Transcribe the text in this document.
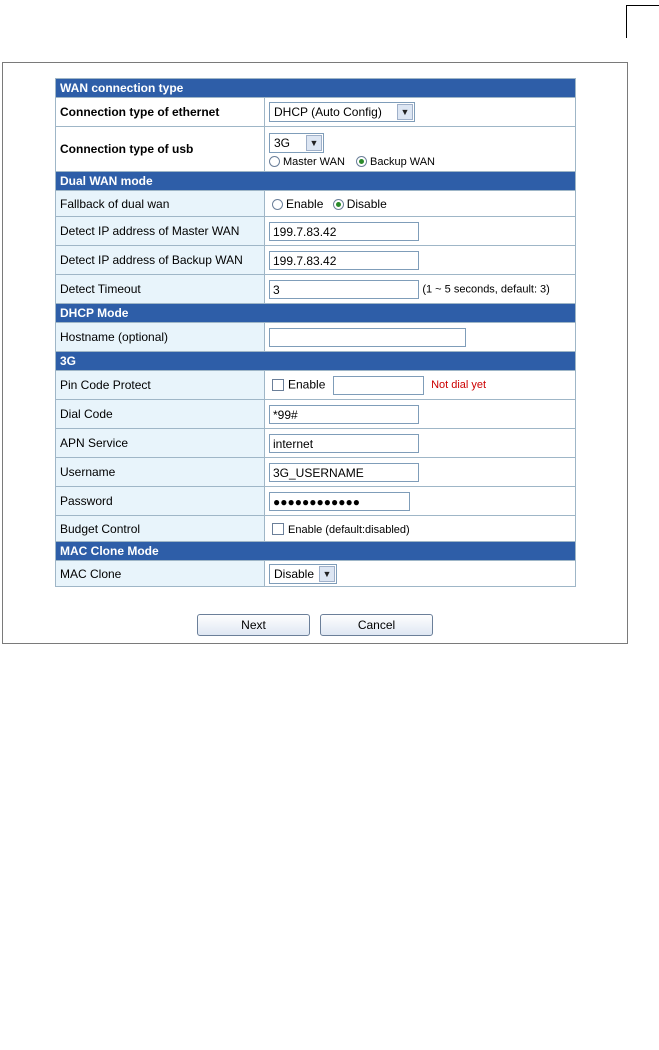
WAN connection type	
Connection type of ethernet	DHCP (Auto Config) ▼

Connection type of usb	3G ▼
Master WAN Backup WAN

Dual WAN mode	
Fallback of dual wan	Enable Disable
Detect IP address of Master WAN	199.7.83.42
Detect IP address of Backup WAN	199.7.83.42
Detect Timeout	3 (1 ~ 5 seconds, default: 3)
DHCP Mode	
Hostname (optional)	
3G	
Pin Code Protect	Enable Not dial yet
Dial Code	*99#
APN Service	internet
Username	3G_USERNAME
Password	●●●●●●●●●●●●
Budget Control	Enable (default:disabled)
MAC Clone Mode	
MAC Clone	Disable ▼
Next	Cancel
